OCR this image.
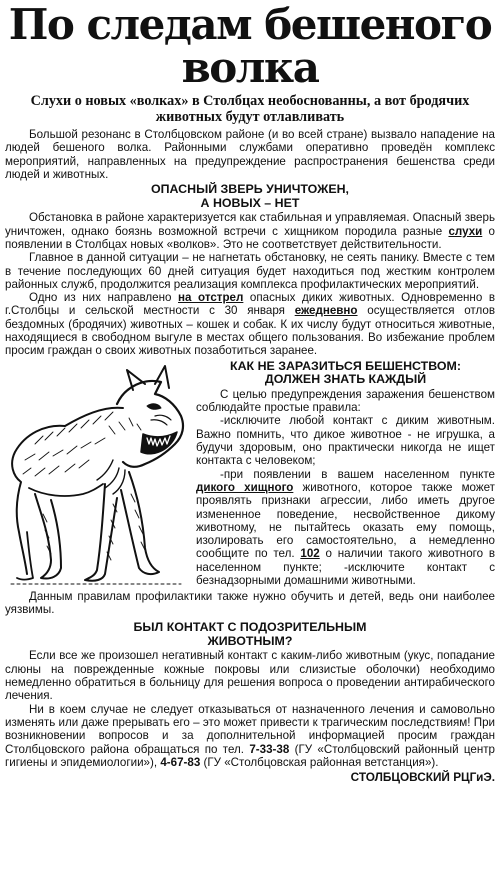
По следам бешеного
волка
Слухи о новых «волках» в Столбцах необоснованны, а вот бродячих животных будут отлавливать

Большой резонанс в Столбцовском районе (и во всей стране) вызвало нападение на людей бешеного волка. Районными службами оперативно проведён комплекс мероприятий, направленных на предупреждение распространения бешенства среди людей и животных.

ОПАСНЫЙ ЗВЕРЬ УНИЧТОЖЕН,
А НОВЫХ – НЕТ

Обстановка в районе характеризуется как стабильная и управляемая. Опасный зверь уничтожен, однако боязнь возможной встречи с хищником породила разные слухи о появлении в Столбцах новых «волков». Это не соответствует действительности.

Главное в данной ситуации – не нагнетать обстановку, не сеять панику. Вместе с тем в течение последующих 60 дней ситуация будет находиться под жестким контролем районных служб, продолжится реализация комплекса профилактических мероприятий.

Одно из них направлено на отстрел опасных диких животных. Одновременно в г.Столбцы и сельской местности с 30 января ежедневно осуществляется отлов бездомных (бродячих) животных – кошек и собак. К их числу будут относиться животные, находящиеся в свободном выгуле в местах общего пользования. Во избежание проблем просим граждан о своих животных позаботиться заранее.

КАК НЕ ЗАРАЗИТЬСЯ БЕШЕНСТВОМ:
ДОЛЖЕН ЗНАТЬ КАЖДЫЙ

С целью предупреждения заражения бешенством соблюдайте простые правила:

-исключите любой контакт с диким животным. Важно помнить, что дикое животное - не игрушка, а будучи здоровым, оно практически никогда не ищет контакта с человеком;

-при появлении в вашем населенном пункте дикого хищного животного, которое также может проявлять признаки агрессии, либо иметь другое измененное поведение, несвойственное дикому животному, не пытайтесь оказать ему помощь, изолировать его самостоятельно, а немедленно сообщите по тел. 102 о наличии такого животного в населенном пункте; -исключите контакт с безнадзорными домашними животными.

Данным правилам профилактики также нужно обучить и детей, ведь они наиболее уязвимы.

БЫЛ КОНТАКТ С ПОДОЗРИТЕЛЬНЫМ
ЖИВОТНЫМ?

Если все же произошел негативный контакт с каким-либо животным (укус, попадание слюны на поврежденные кожные покровы или слизистые оболочки) необходимо немедленно обратиться в больницу для решения вопроса о проведении антирабического лечения.

Ни в коем случае не следует отказываться от назначенного лечения и самовольно изменять или даже прерывать его – это может привести к трагическим последствиям! При возникновении вопросов и за дополнительной информацией просим граждан Столбцовского района обращаться по тел. 7-33-38 (ГУ «Столбцовский районный центр гигиены и эпидемиологии»), 4-67-83 (ГУ «Столбцовская районная ветстанция»).

СТОЛБЦОВСКИЙ РЦГиЭ.
